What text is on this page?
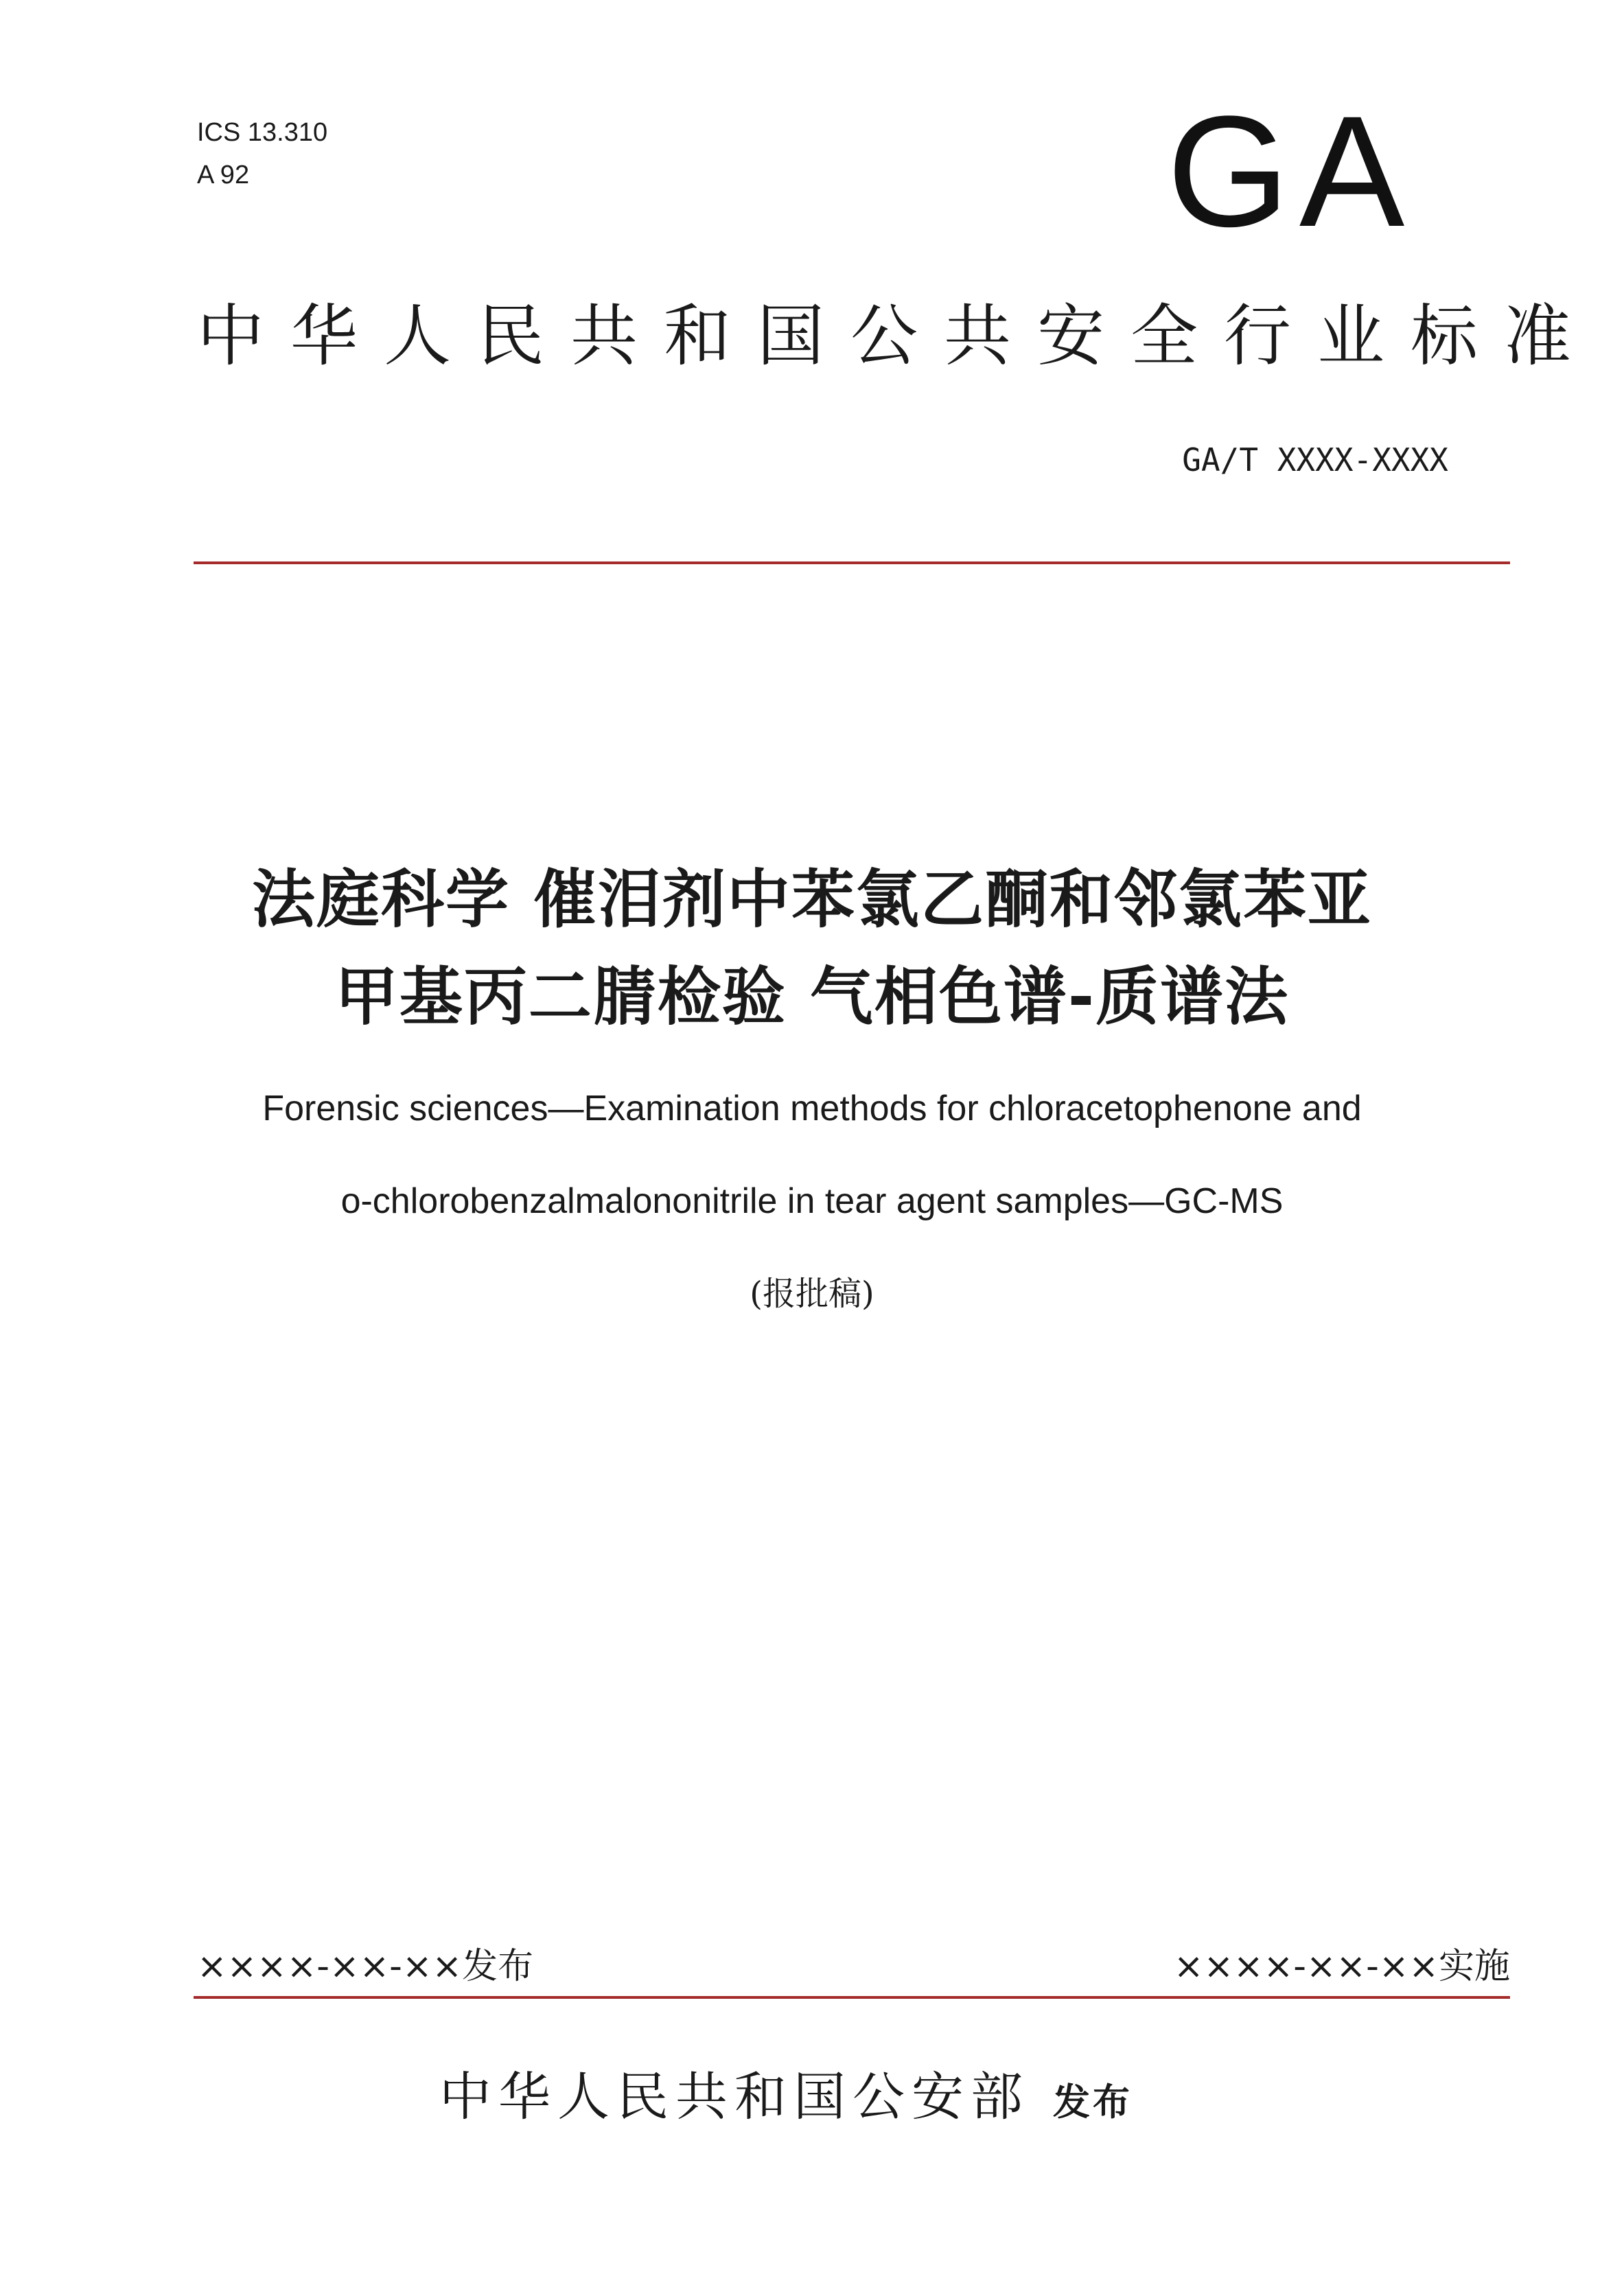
ICS 13.310
A 92	GA
中华人民共和国公共安全行业标准
GA/T XXXX-XXXX
法庭科学 催泪剂中苯氯乙酮和邻氯苯亚
甲基丙二腈检验 气相色谱-质谱法
Forensic sciences—Examination methods for chloracetophenone and
o-chlorobenzalmalononitrile in tear agent samples—GC-MS
(报批稿)
××××-××-××发布	××××-××-××实施
中华人民共和国公安部 发布
